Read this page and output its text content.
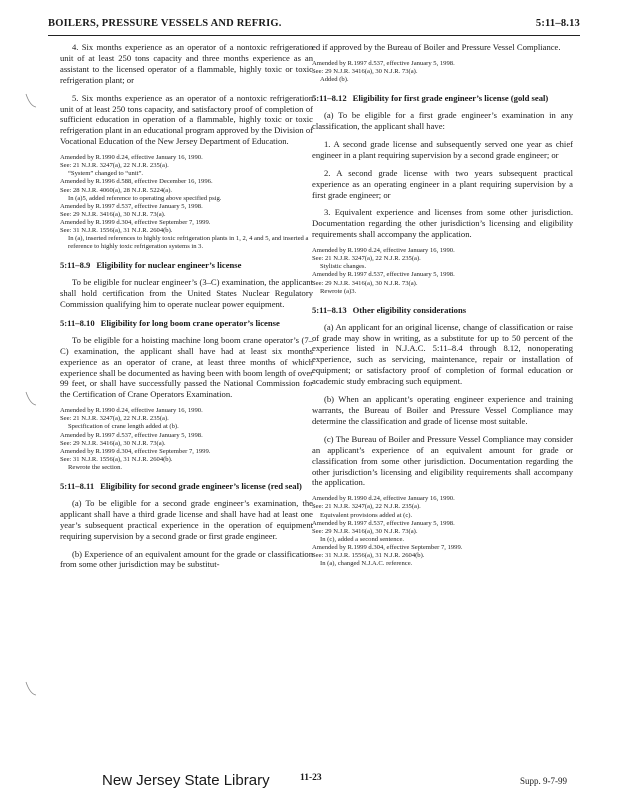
BOILERS, PRESSURE VESSELS AND REFRIG.	5:11–8.13

4. Six months experience as an operator of a nontoxic refrigeration unit of at least 250 tons capacity and three months experience as an assistant to the licensed operator of a flammable, highly toxic or toxic refrigeration plant; or

5. Six months experience as an operator of a nontoxic refrigeration unit of at least 250 tons capacity, and satisfactory proof of completion of sufficient education in operation of a flammable, highly toxic or toxic refrigeration plant in an educational program approved by the Division of Vocational Education of the New Jersey Department of Education.

Amended by R.1990 d.24, effective January 16, 1990.
See: 21 N.J.R. 3247(a), 22 N.J.R. 235(a).
“System” changed to “unit”.
Amended by R.1996 d.588, effective December 16, 1996.
See: 28 N.J.R. 4060(a), 28 N.J.R. 5224(a).
In (a)5, added reference to operating above specified psig.
Amended by R.1997 d.537, effective January 5, 1998.
See: 29 N.J.R. 3416(a), 30 N.J.R. 73(a).
Amended by R.1999 d.304, effective September 7, 1999.
See: 31 N.J.R. 1556(a), 31 N.J.R. 2604(b).
In (a), inserted references to highly toxic refrigeration plants in 1, 2, 4 and 5, and inserted a reference to highly toxic refrigeration systems in 3.
5:11–8.9 Eligibility for nuclear engineer’s license

To be eligible for nuclear engineer’s (3–C) examination, the applicant shall hold certification from the United States Nuclear Regulatory Commission qualifying him to operate nuclear power equipment.

5:11–8.10 Eligibility for long boom crane operator’s license

To be eligible for a hoisting machine long boom crane operator’s (7–C) examination, the applicant shall have had at least six months experience as an operator of crane, at least three months of which experience shall be documented as having been with boom length of over 99 feet, or shall have successfully passed the National Commission for the Certification of Crane Operators Examination.

Amended by R.1990 d.24, effective January 16, 1990.
See: 21 N.J.R. 3247(a), 22 N.J.R. 235(a).
Specification of crane length added at (b).
Amended by R.1997 d.537, effective January 5, 1998.
See: 29 N.J.R. 3416(a), 30 N.J.R. 73(a).
Amended by R.1999 d.304, effective September 7, 1999.
See: 31 N.J.R. 1556(a), 31 N.J.R. 2604(b).
Rewrote the section.
5:11–8.11 Eligibility for second grade engineer’s license (red seal)

(a) To be eligible for a second grade engineer’s examination, the applicant shall have a third grade license and shall have had at least one year’s subsequent practical experience in the operation of equipment requiring supervision by a second grade or first grade engineer.

(b) Experience of an equivalent amount for the grade or classification from some other jurisdiction may be substitut-

ed if approved by the Bureau of Boiler and Pressure Vessel Compliance.

Amended by R.1997 d.537, effective January 5, 1998.
See: 29 N.J.R. 3416(a), 30 N.J.R. 73(a).
Added (b).
5:11–8.12 Eligibility for first grade engineer’s license (gold seal)

(a) To be eligible for a first grade engineer’s examination in any classification, the applicant shall have:

1. A second grade license and subsequently served one year as chief engineer in a plant requiring supervision by a second grade engineer; or

2. A second grade license with two years subsequent practical experience as an operating engineer in a plant requiring supervision by a first grade engineer; or

3. Equivalent experience and licenses from some other jurisdiction. Documentation regarding the other jurisdiction’s licensing and eligibility requirements shall accompany the application.

Amended by R.1990 d.24, effective January 16, 1990.
See: 21 N.J.R. 3247(a), 22 N.J.R. 235(a).
Stylistic changes.
Amended by R.1997 d.537, effective January 5, 1998.
See: 29 N.J.R. 3416(a), 30 N.J.R. 73(a).
Rewrote (a)3.
5:11–8.13 Other eligibility considerations

(a) An applicant for an original license, change of classification or raise of grade may show in writing, as a substitute for up to 50 percent of the experience listed in N.J.A.C. 5:11–8.4 through 8.12, nonoperating experience, such as servicing, maintenance, repair or installation of equipment; or satisfactory proof of completion of formal education or academic study embracing such equipment.

(b) When an applicant’s operating engineer experience and training warrants, the Bureau of Boiler and Pressure Vessel Compliance may determine the classification and grade of license most suitable.

(c) The Bureau of Boiler and Pressure Vessel Compliance may consider an applicant’s experience of an equivalent amount for grade or classification from some other jurisdiction. Documentation regarding the other jurisdiction’s licensing and eligibility requirements shall accompany the application.

Amended by R.1990 d.24, effective January 16, 1990.
See: 21 N.J.R. 3247(a), 22 N.J.R. 235(a).
Equivalent provisions added at (c).
Amended by R.1997 d.537, effective January 5, 1998.
See: 29 N.J.R. 3416(a), 30 N.J.R. 73(a).
In (c), added a second sentence.
Amended by R.1999 d.304, effective September 7, 1999.
See: 31 N.J.R. 1556(a), 31 N.J.R. 2604(b).
In (a), changed N.J.A.C. reference.
New Jersey State Library	11-23	Supp. 9-7-99
